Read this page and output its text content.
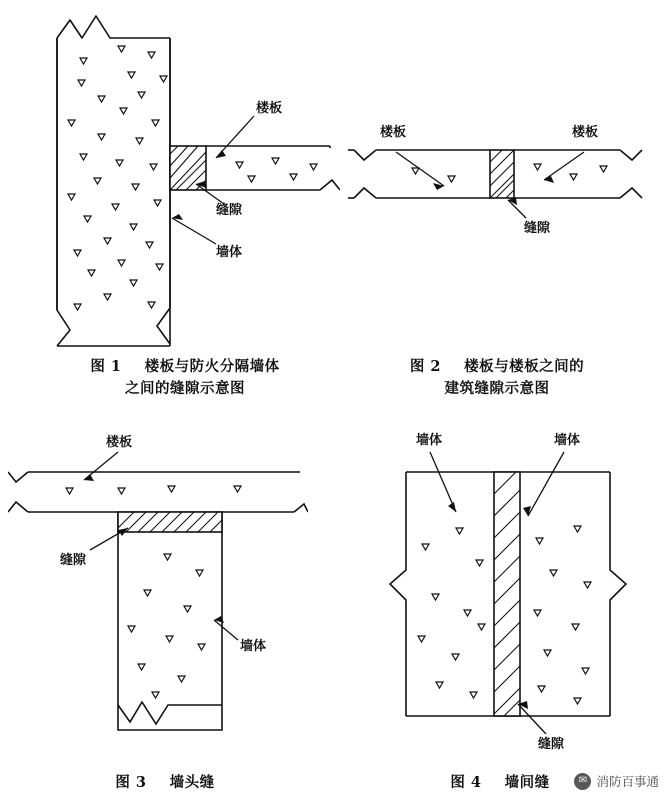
楼板
缝隙
墙体
图 1 楼板与防火分隔墙体
之间的缝隙示意图
楼板	楼板
缝隙
图 2 楼板与楼板之间的
建筑缝隙示意图
楼板
缝隙
墙体
图 3 墙头缝
墙体	墙体
缝隙
图 4 墙间缝	✉ 消防百事通
